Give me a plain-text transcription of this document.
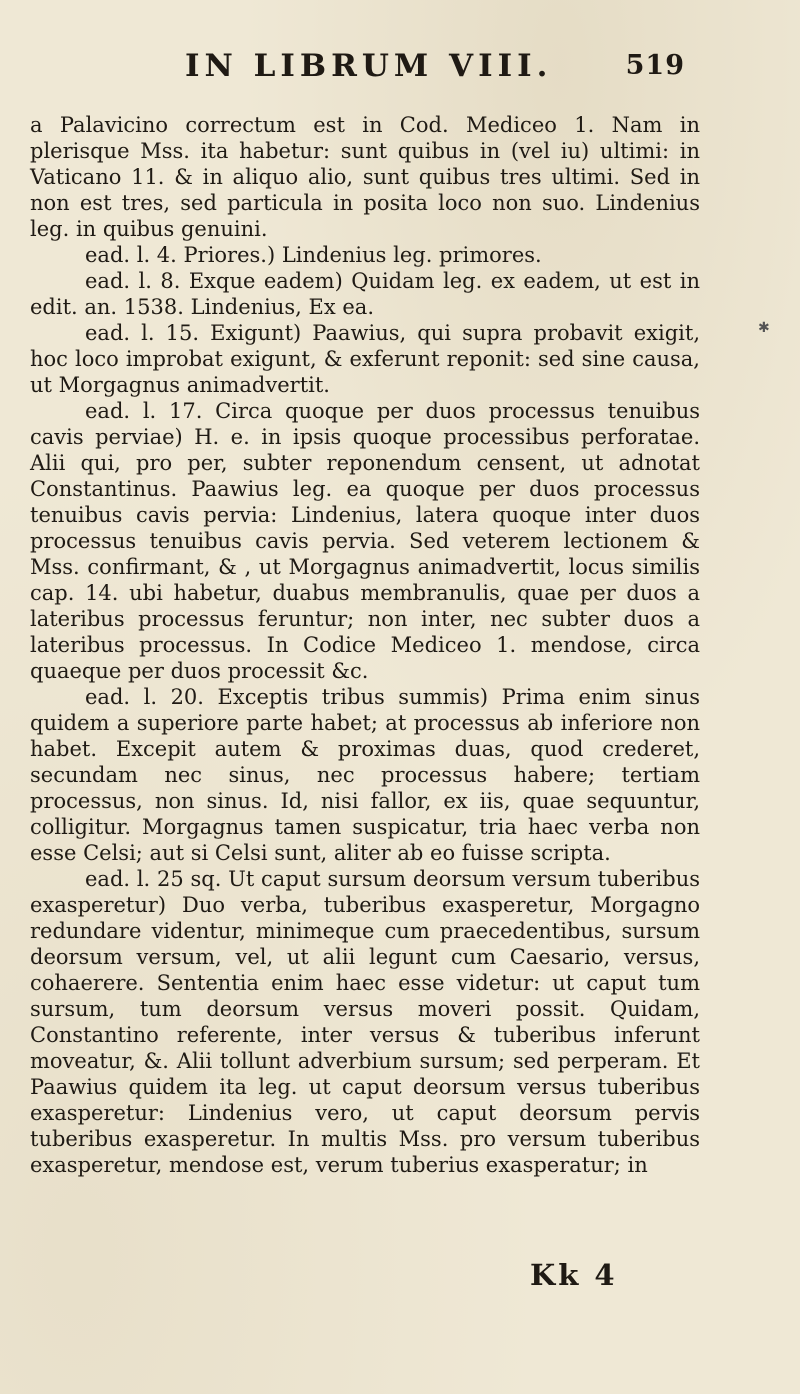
IN LIBRUM VIII.	519
✱

a Palavicino correctum est in Cod. Mediceo 1. Nam in plerisque Mss. ita habetur: sunt quibus in (vel iu) ultimi: in Vaticano 11. & in aliquo alio, sunt quibus tres ultimi. Sed in non est tres, sed particula in posita loco non suo. Lindenius leg. in quibus genuini.

ead. l. 4. Priores.) Lindenius leg. primores.

ead. l. 8. Exque eadem) Quidam leg. ex eadem, ut est in edit. an. 1538. Lindenius, Ex ea.

ead. l. 15. Exigunt) Paawius, qui supra probavit exigit, hoc loco improbat exigunt, & exferunt reponit: sed sine causa, ut Morgagnus animadvertit.

ead. l. 17. Circa quoque per duos processus tenuibus cavis perviae) H. e. in ipsis quoque processibus perforatae. Alii qui, pro per, subter reponendum censent, ut adnotat Constantinus. Paawius leg. ea quoque per duos processus tenuibus cavis pervia: Lindenius, latera quoque inter duos processus tenuibus cavis pervia. Sed veterem lectionem & Mss. confirmant, & , ut Morgagnus animadvertit, locus similis cap. 14. ubi habetur, duabus membranulis, quae per duos a lateribus processus feruntur; non inter, nec subter duos a lateribus processus. In Codice Mediceo 1. mendose, circa quaeque per duos processit &c.

ead. l. 20. Exceptis tribus summis) Prima enim sinus quidem a superiore parte habet; at processus ab inferiore non habet. Excepit autem & proximas duas, quod crederet, secundam nec sinus, nec processus habere; tertiam processus, non sinus. Id, nisi fallor, ex iis, quae sequuntur, colligitur. Morgagnus tamen suspicatur, tria haec verba non esse Celsi; aut si Celsi sunt, aliter ab eo fuisse scripta.

ead. l. 25 sq. Ut caput sursum deorsum versum tuberibus exasperetur) Duo verba, tuberibus exasperetur, Morgagno redundare videntur, minimeque cum praecedentibus, sursum deorsum versum, vel, ut alii legunt cum Caesario, versus, cohaerere. Sententia enim haec esse videtur: ut caput tum sursum, tum deorsum versus moveri possit. Quidam, Constantino referente, inter versus & tuberibus inferunt moveatur, &. Alii tollunt adverbium sursum; sed perperam. Et Paawius quidem ita leg. ut caput deorsum versus tuberibus exasperetur: Lindenius vero, ut caput deorsum pervis tuberibus exasperetur. In multis Mss. pro versum tuberibus exasperetur, mendose est, verum tuberius exasperatur; in

Kk 4
